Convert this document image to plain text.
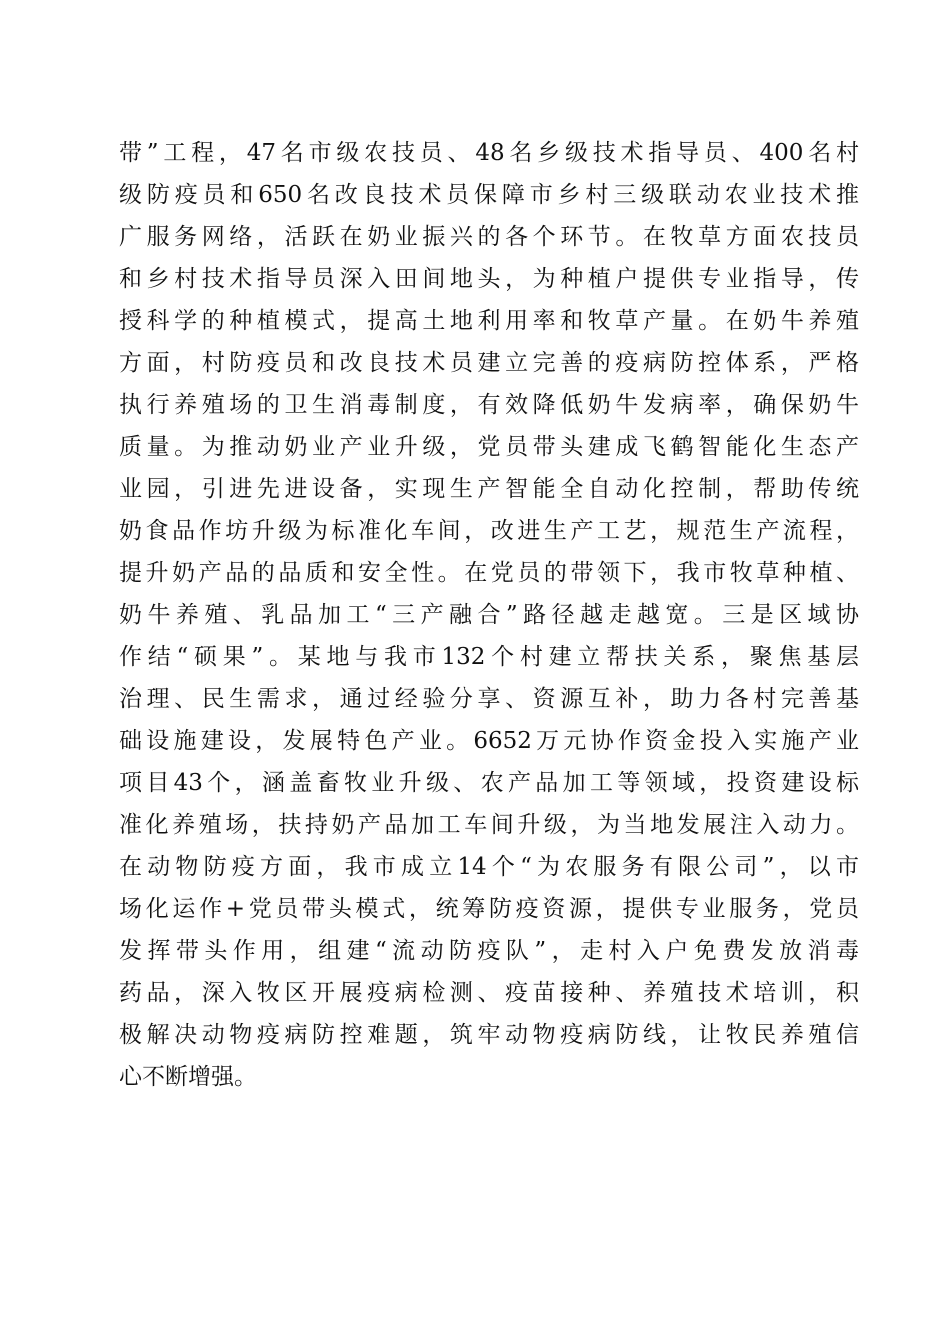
带”工程，47名市级农技员、48名乡级技术指导员、400名村
级防疫员和650名改良技术员保障市乡村三级联动农业技术推
广服务网络，活跃在奶业振兴的各个环节。在牧草方面农技员
和乡村技术指导员深入田间地头，为种植户提供专业指导，传
授科学的种植模式，提高土地利用率和牧草产量。在奶牛养殖
方面，村防疫员和改良技术员建立完善的疫病防控体系，严格
执行养殖场的卫生消毒制度，有效降低奶牛发病率，确保奶牛
质量。为推动奶业产业升级，党员带头建成飞鹤智能化生态产
业园，引进先进设备，实现生产智能全自动化控制，帮助传统
奶食品作坊升级为标准化车间，改进生产工艺，规范生产流程，
提升奶产品的品质和安全性。在党员的带领下，我市牧草种植、
奶牛养殖、乳品加工“三产融合”路径越走越宽。三是区域协
作结“硕果”。某地与我市132个村建立帮扶关系，聚焦基层
治理、民生需求，通过经验分享、资源互补，助力各村完善基
础设施建设，发展特色产业。6652万元协作资金投入实施产业
项目43个，涵盖畜牧业升级、农产品加工等领域，投资建设标
准化养殖场，扶持奶产品加工车间升级，为当地发展注入动力。
在动物防疫方面，我市成立14个“为农服务有限公司”，以市
场化运作+党员带头模式，统筹防疫资源，提供专业服务，党员
发挥带头作用，组建“流动防疫队”，走村入户免费发放消毒
药品，深入牧区开展疫病检测、疫苗接种、养殖技术培训，积
极解决动物疫病防控难题，筑牢动物疫病防线，让牧民养殖信
心不断增强。
